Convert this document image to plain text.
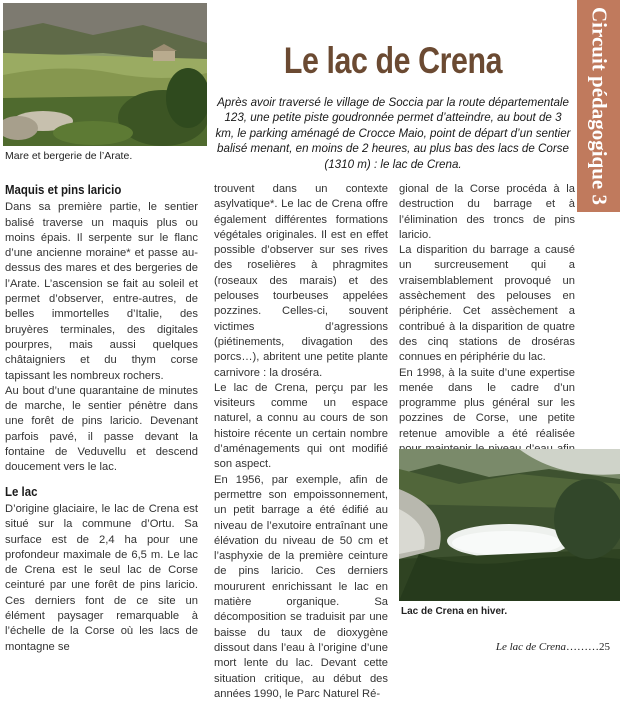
Mare et bergerie de l’Arate.
Le lac de Crena
Après avoir traversé le village de Soccia par la route départementale 123, une petite piste goudronnée permet d’atteindre, au bout de 3 km, le parking aménagé de Crocce Maio, point de départ d’un sentier balisé menant, en moins de 2 heures, au plus bas des lacs de Corse (1310 m) : le lac de Crena.	Circuit pédagogique 3
Maquis et pins laricio

Dans sa première partie, le sentier balisé traverse un maquis plus ou moins épais. Il serpente sur le flanc d’une ancienne moraine* et passe au-dessus des mares et des bergeries de l’Arate. L’ascension se fait au soleil et permet d’observer, entre-autres, de belles immortelles d’Italie, des bruyères terminales, des digitales pourpres, mais aussi quelques châtaigniers et du thym corse tapissant les nombreux rochers.

Au bout d’une quarantaine de minutes de marche, le sentier pénètre dans une forêt de pins laricio. Devenant parfois pavé, il passe devant la fontaine de Veduvellu et descend doucement vers le lac.

Le lac

D’origine glaciaire, le lac de Crena est situé sur la commune d’Ortu. Sa surface est de 2,4 ha pour une profondeur maximale de 6,5 m. Le lac de Crena est le seul lac de Corse ceinturé par une forêt de pins laricio. Ces derniers font de ce site un élément paysager remarquable à l’échelle de la Corse où les lacs de montagne se

trouvent dans un contexte asylvatique*. Le lac de Crena offre également différentes formations végétales originales. Il est en effet possible d’observer sur ses rives des roselières à phragmites (roseaux des marais) et des pelouses tourbeuses appelées pozzines. Celles-ci, souvent victimes d’agressions (piétinements, divagation des porcs…), abritent une petite plante carnivore : la droséra.

Le lac de Crena, perçu par les visiteurs comme un espace naturel, a connu au cours de son histoire récente un certain nombre d’aménagements qui ont modifié son aspect.

En 1956, par exemple, afin de permettre son empoissonnement, un petit barrage a été édifié au niveau de l’exutoire entraînant une élévation du niveau de 50 cm et l’asphyxie de la première ceinture de pins laricio. Ces derniers moururent enrichissant le lac en matière organique. Sa décomposition se traduisit par une baisse du taux de dioxygène dissout dans l’eau à l’origine d’une mort lente du lac. Devant cette situation critique, au début des années 1990, le Parc Naturel Ré-

gional de la Corse procéda à la destruction du barrage et à l’élimination des troncs de pins laricio.

La disparition du barrage a causé un surcreusement qui a vraisemblablement provoqué un assèchement des pelouses en périphérie. Cet assèchement a contribué à la disparition de quatre des cinq stations de droséras connues en périphérie du lac.

En 1998, à la suite d’une expertise menée dans le cadre d’un programme plus général sur les pozzines de Corse, une petite retenue amovible a été réalisée

Lac de Crena en hiver.
Le lac de Crena………25
